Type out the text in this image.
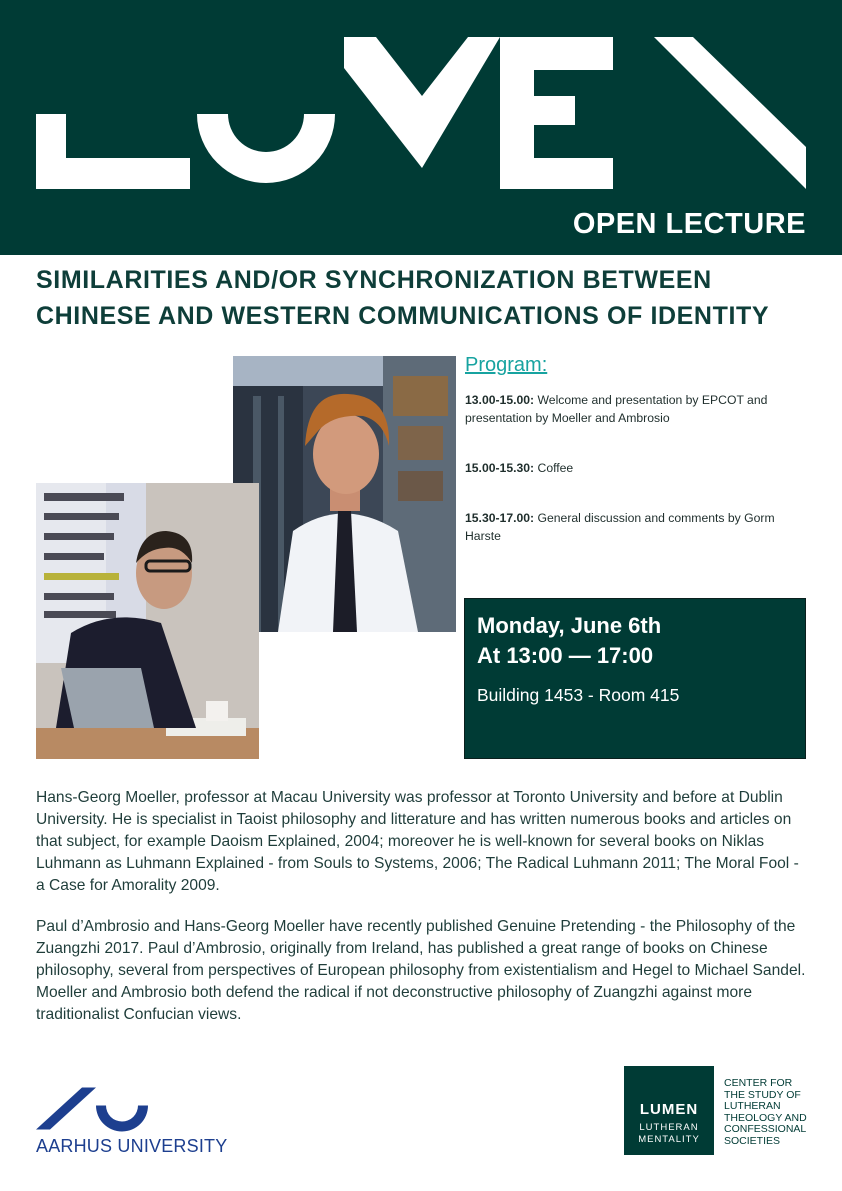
OPEN LECTURE
SIMILARITIES AND/OR SYNCHRONIZATION BETWEEN CHINESE AND WESTERN COMMUNICATIONS OF IDENTITY

Program:

13.00-15.00: Welcome and presentation by EPCOT and presentation by Moeller and Ambrosio
15.00-15.30: Coffee
15.30-17.00: General discussion and comments by Gorm Harste
Monday, June 6th
At 13:00 — 17:00
Building 1453 - Room 415

Hans-Georg Moeller, professor at Macau University was professor at Toronto University and before at Dublin University. He is specialist in Taoist philosophy and litterature and has written numerous books and articles on that subject, for example Daoism Explained, 2004; moreover he is well-known for several books on Niklas Luhmann as Luhmann Explained - from Souls to Systems, 2006; The Radical Luhmann 2011; The Moral Fool - a Case for Amorality 2009.

Paul d’Ambrosio and Hans-Georg Moeller have recently published Genuine Pretending - the Philosophy of the Zuangzhi 2017. Paul d’Ambrosio, originally from Ireland, has published a great range of books on Chinese philosophy, several from perspectives of European philosophy from existentialism and Hegel to Michael Sandel. Moeller and Ambrosio both defend the radical if not deconstructive philosophy of Zuangzhi against more traditionalist Confucian views.

AARHUS UNIVERSITY
LUMEN
LUTHERAN
MENTALITY
CENTER FOR
THE STUDY OF
LUTHERAN
THEOLOGY AND
CONFESSIONAL
SOCIETIES
